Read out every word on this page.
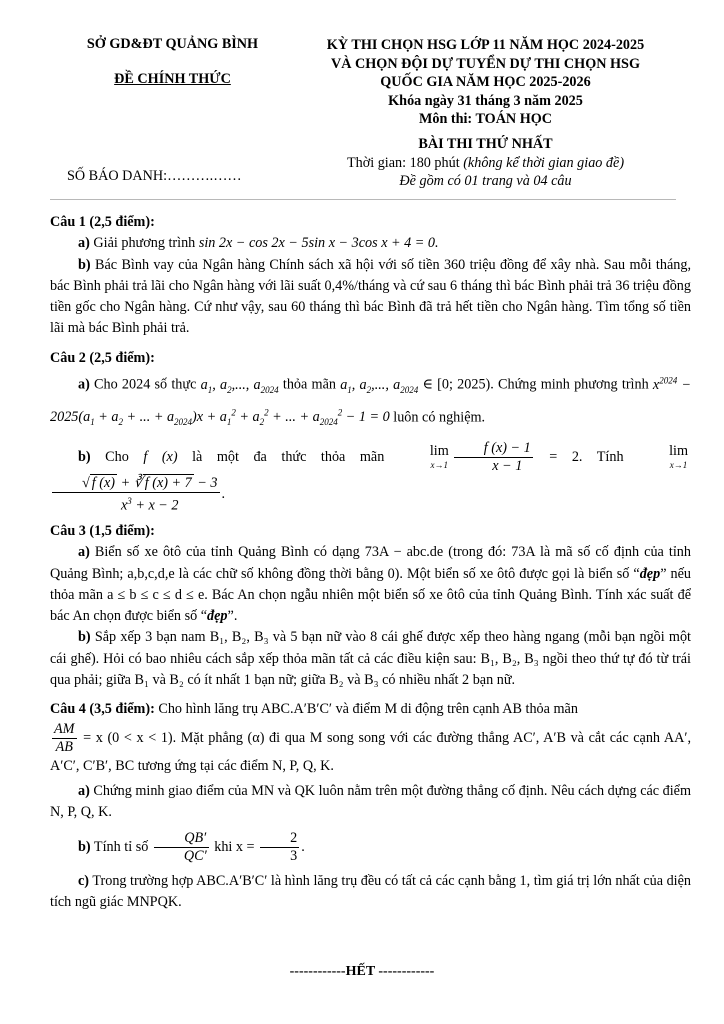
SỞ GD&ĐT QUẢNG BÌNH
ĐỀ CHÍNH THỨC
KỲ THI CHỌN HSG LỚP 11 NĂM HỌC 2024-2025
VÀ CHỌN ĐỘI DỰ TUYỂN DỰ THI CHỌN HSG
QUỐC GIA NĂM HỌC 2025-2026
Khóa ngày 31 tháng 3 năm 2025
Môn thi: TOÁN HỌC
BÀI THI THỨ NHẤT
Thời gian: 180 phút (không kể thời gian giao đề)
Đề gồm có 01 trang và 04 câu
SỐ BÁO DANH:……….……

Câu 1 (2,5 điểm):

a) Giải phương trình sin 2x − cos 2x − 5sin x − 3cos x + 4 = 0.

b) Bác Bình vay của Ngân hàng Chính sách xã hội với số tiền 360 triệu đồng để xây nhà. Sau mỗi tháng, bác Bình phải trả lãi cho Ngân hàng với lãi suất 0,4%/tháng và cứ sau 6 tháng thì bác Bình phải trả 36 triệu đồng tiền gốc cho Ngân hàng. Cứ như vậy, sau 60 tháng thì bác Bình đã trả hết tiền cho Ngân hàng. Tìm tổng số tiền lãi mà bác Bình phải trả.

Câu 2 (2,5 điểm):

a) Cho 2024 số thực $a_1$, $a_2$,..., $a_{2024}$ thỏa mãn $a_1$, $a_2$,..., $a_{2024}$ ∈ [0; 2025). Chứng minh phương trình $x^{2024} - 2025(a_1 + a_2$ + ... + $a_{2024})x + a_1^2 + a_2^2$ + ... + $a_{2024}^2 - 1 = 0$ luôn có nghiệm.

b) Cho f (x) là một đa thức thỏa mãn	lim
$x\to 1 \frac{f (x) - 1}{x - 1} = 2$. Tính	lim
x→1
$\frac{√ f (x) + ∛ f (x) + 7 - 3}{x^3 + x - 2}$ .

Câu 3 (1,5 điểm):

a) Biển số xe ôtô của tỉnh Quảng Bình có dạng 73A − abc.de (trong đó: 73A là mã số cố định của tỉnh Quảng Bình; a,b,c,d,e là các chữ số không đồng thời bằng 0). Một biển số xe ôtô được gọi là biển số “đẹp” nếu thỏa mãn a ≤ b ≤ c ≤ d ≤ e. Bác An chọn ngẫu nhiên một biển số xe ôtô của tỉnh Quảng Bình. Tính xác suất để bác An chọn được biển số “đẹp”.

b) Sắp xếp 3 bạn nam B₁, B₂, B₃ và 5 bạn nữ vào 8 cái ghế được xếp theo hàng ngang (mỗi bạn ngồi một cái ghế). Hỏi có bao nhiêu cách sắp xếp thỏa mãn tất cả các điều kiện sau: B₁, B₂, B₃ ngồi theo thứ tự đó từ trái qua phải; giữa B₁ và B₂ có ít nhất 1 bạn nữ; giữa B₂ và B₃ có nhiều nhất 2 bạn nữ.

Câu 4 (3,5 điểm): Cho hình lăng trụ ABC.A′B′C′ và điểm M di động trên cạnh AB thỏa mãn

$\frac{AM}{AB} = x$ (0 < x < 1). Mặt phẳng (α) đi qua M song song với các đường thẳng AC′, A′B và cắt các cạnh AA′, A′C′, C′B′, BC tương ứng tại các điểm N, P, Q, K.

a) Chứng minh giao điểm của MN và QK luôn nằm trên một đường thẳng cố định. Nêu cách dựng các điểm N, P, Q, K.

b) Tính tỉ số $\frac{QB'}{QC'}$ khi $x = \frac{2}{3}$ .

c) Trong trường hợp ABC.A′B′C′ là hình lăng trụ đều có tất cả các cạnh bằng 1, tìm giá trị lớn nhất của diện tích ngũ giác MNPQK.

------------HẾT ------------
